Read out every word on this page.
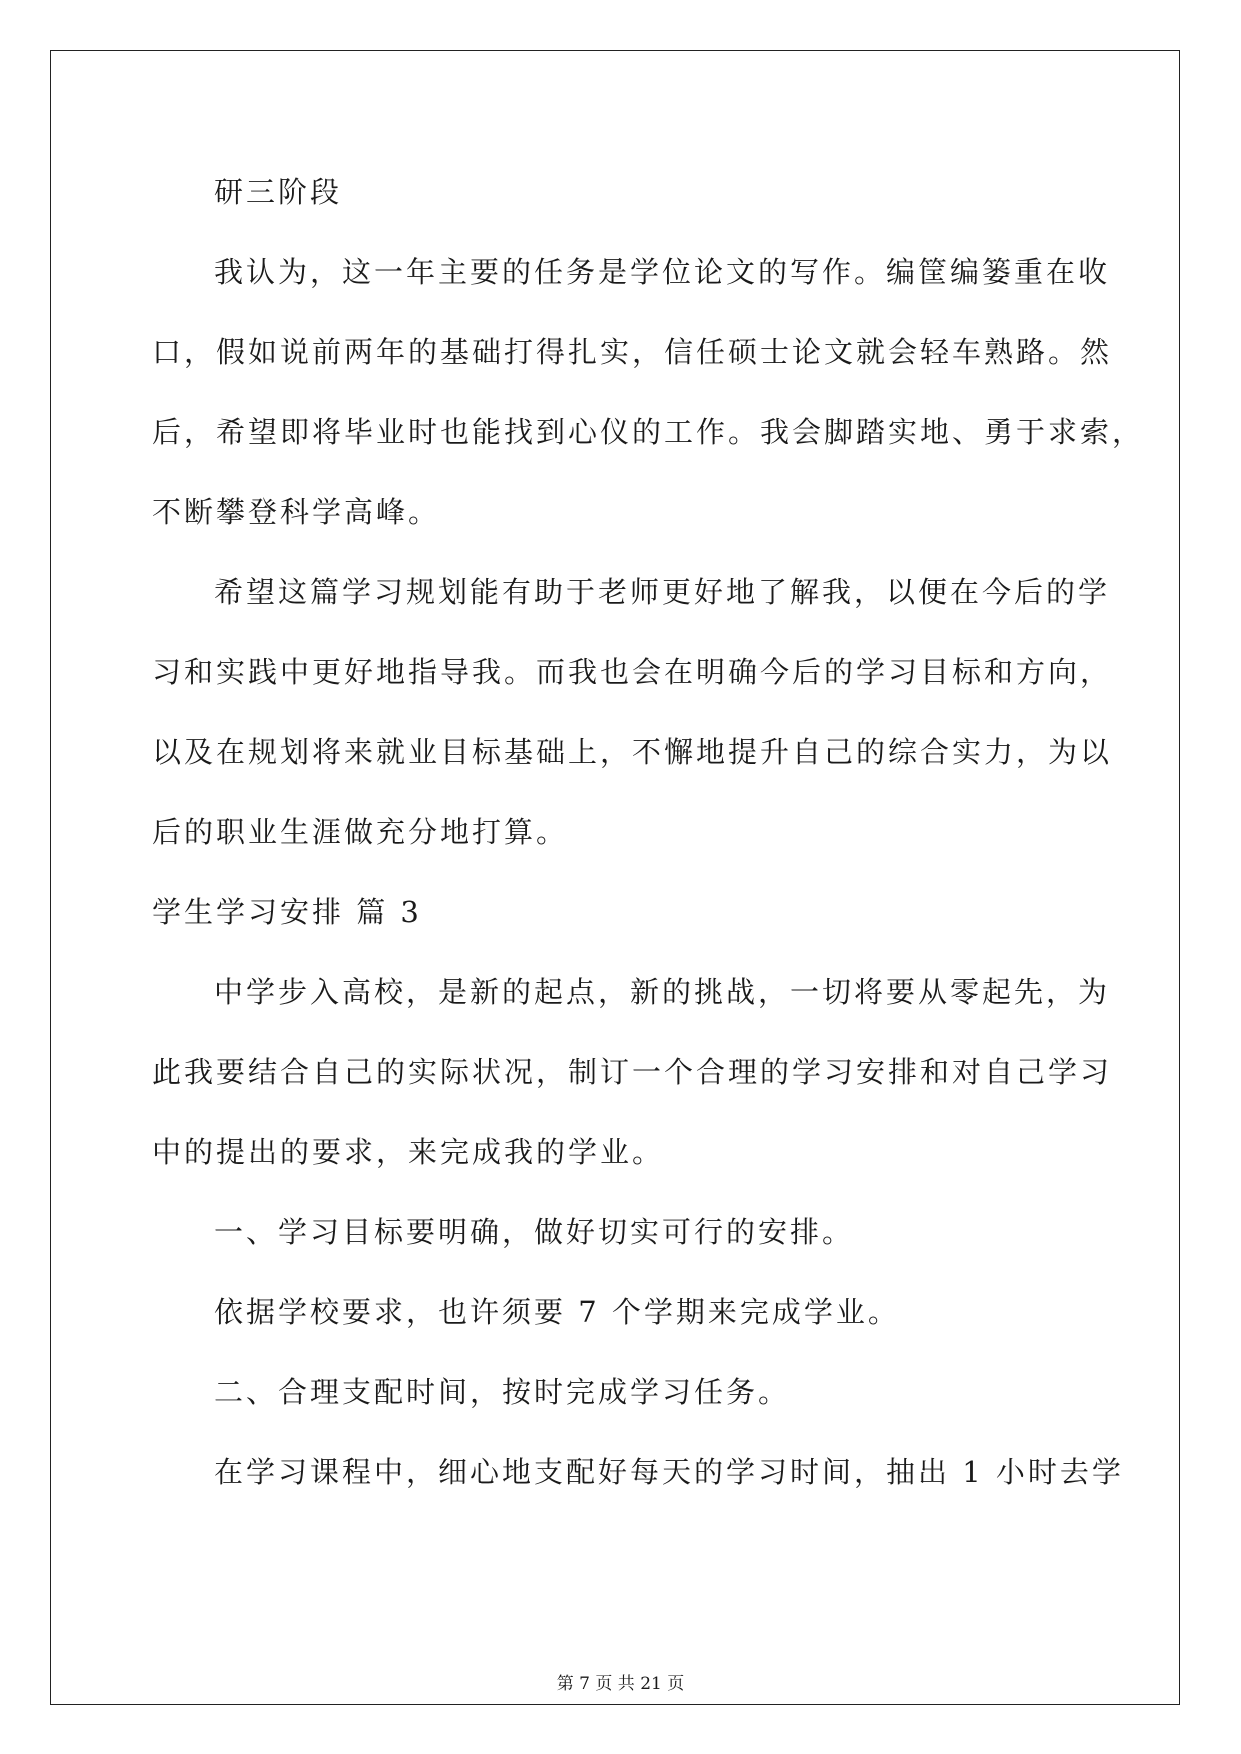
研三阶段
我认为，这一年主要的任务是学位论文的写作。编筐编篓重在收
口，假如说前两年的基础打得扎实，信任硕士论文就会轻车熟路。然
后，希望即将毕业时也能找到心仪的工作。我会脚踏实地、勇于求索，
不断攀登科学高峰。
希望这篇学习规划能有助于老师更好地了解我，以便在今后的学
习和实践中更好地指导我。而我也会在明确今后的学习目标和方向，
以及在规划将来就业目标基础上，不懈地提升自己的综合实力，为以
后的职业生涯做充分地打算。
学生学习安排 篇 3
中学步入高校，是新的起点，新的挑战，一切将要从零起先，为
此我要结合自己的实际状况，制订一个合理的学习安排和对自己学习
中的提出的要求，来完成我的学业。
一、学习目标要明确，做好切实可行的安排。
依据学校要求，也许须要 7 个学期来完成学业。
二、合理支配时间，按时完成学习任务。
在学习课程中，细心地支配好每天的学习时间，抽出 1 小时去学
第 7 页 共 21 页
